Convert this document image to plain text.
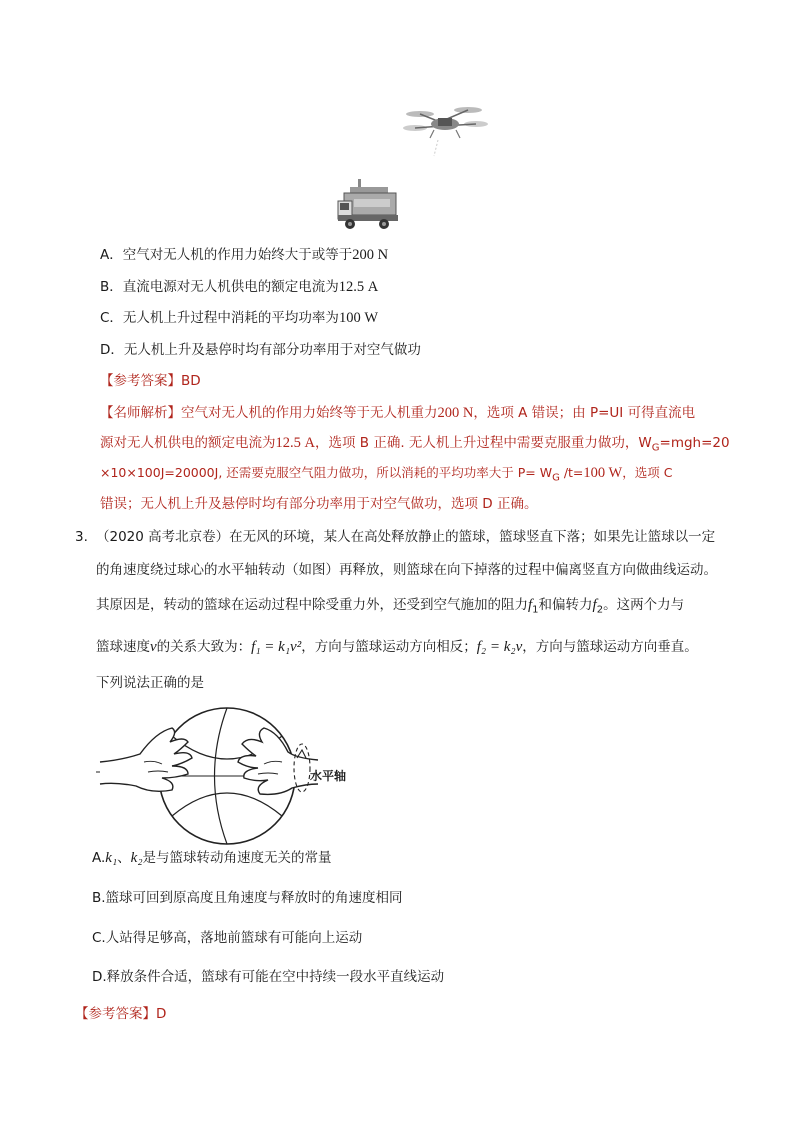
A．空气对无人机的作用力始终大于或等于200 N
B．直流电源对无人机供电的额定电流为12.5 A
C．无人机上升过程中消耗的平均功率为100 W
D．无人机上升及悬停时均有部分功率用于对空气做功
【参考答案】BD
【名师解析】空气对无人机的作用力始终等于无人机重力200 N，选项 A 错误；由 P=UI 可得直流电
源对无人机供电的额定电流为12.5 A，选项 B 正确. 无人机上升过程中需要克服重力做功，$W_G=mgh=20$
×10×100J=20000J, 还需要克服空气阻力做功，所以消耗的平均功率大于 $P= W_G$ /t=100 W，选项 C
错误；无人机上升及悬停时均有部分功率用于对空气做功，选项 D 正确。
3. （2020 高考北京卷）在无风的环境，某人在高处释放静止的篮球，篮球竖直下落；如果先让篮球以一定
的角速度绕过球心的水平轴转动（如图）再释放，则篮球在向下掉落的过程中偏离竖直方向做曲线运动。
其原因是，转动的篮球在运动过程中除受重力外，还受到空气施加的阻力$f_1$和偏转力$f_2$。这两个力与
篮球速度v的关系大致为：f₁ = k₁v²，方向与篮球运动方向相反；f₂ = k₂v，方向与篮球运动方向垂直。
下列说法正确的是
水平轴
A.k₁、k₂是与篮球转动角速度无关的常量
B.篮球可回到原高度且角速度与释放时的角速度相同
C.人站得足够高，落地前篮球有可能向上运动
D.释放条件合适，篮球有可能在空中持续一段水平直线运动
【参考答案】D
